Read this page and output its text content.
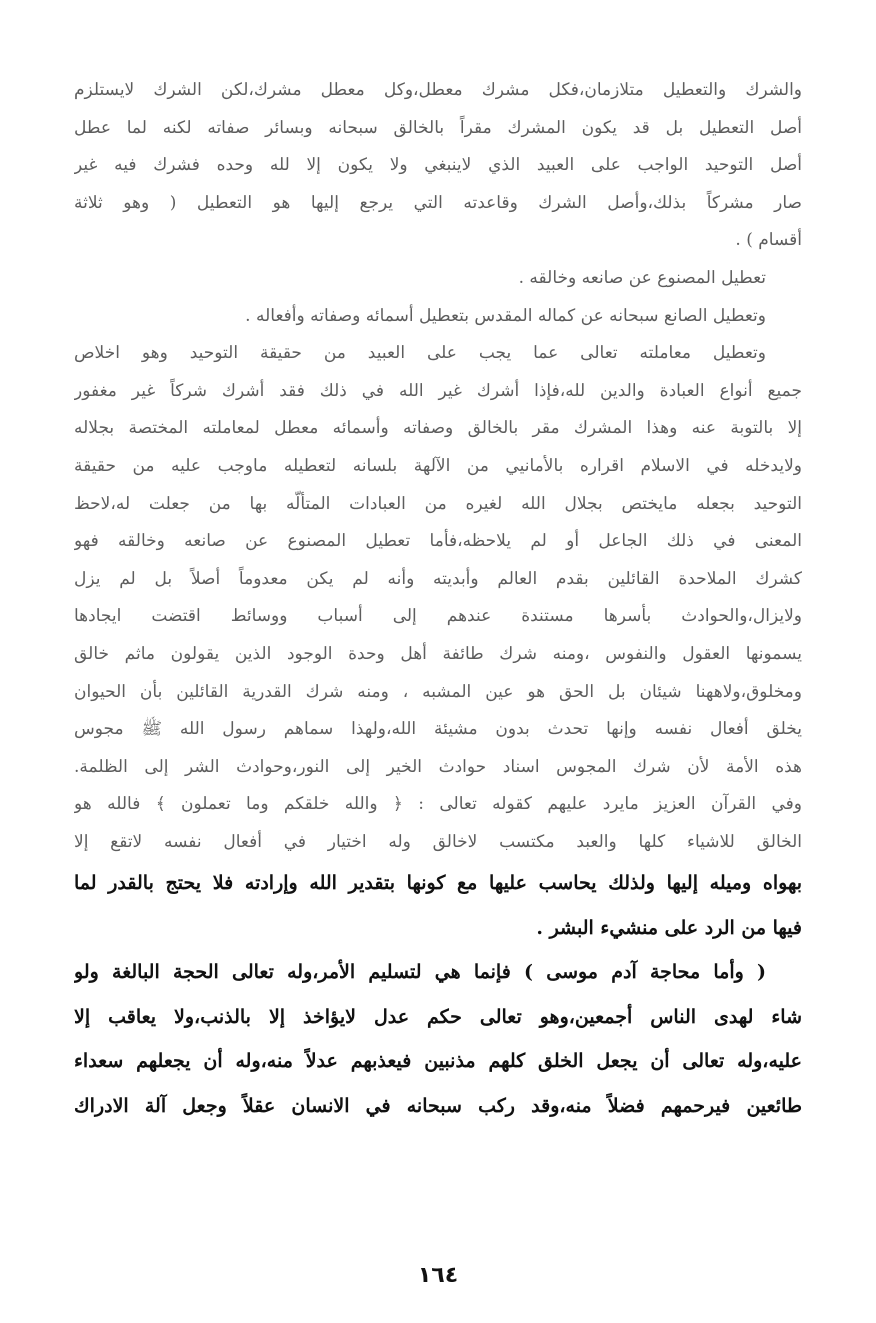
والشرك والتعطيل متلازمان،فكل مشرك معطل،وكل معطل مشرك،لكن الشرك لايستلزم
أصل التعطيل بل قد يكون المشرك مقراً بالخالق سبحانه وبسائر صفاته لكنه لما عطل
أصل التوحيد الواجب على العبيد الذي لاينبغي ولا يكون إلا لله وحده فشرك فيه غير
صار مشركاً بذلك،وأصل الشرك وقاعدته التي يرجع إليها هو التعطيل ( وهو ثلاثة
أقسام ) .
تعطيل المصنوع عن صانعه وخالقه .
وتعطيل الصانع سبحانه عن كماله المقدس بتعطيل أسمائه وصفاته وأفعاله .
وتعطيل معاملته تعالى عما يجب على العبيد من حقيقة التوحيد وهو اخلاص
جميع أنواع العبادة والدين لله،فإذا أشرك غير الله في ذلك فقد أشرك شركاً غير مغفور
إلا بالتوبة عنه وهذا المشرك مقر بالخالق وصفاته وأسمائه معطل لمعاملته المختصة بجلاله
ولايدخله في الاسلام اقراره بالأمانيي من الآلهة بلسانه لتعطيله ماوجب عليه من حقيقة
التوحيد بجعله مايختص بجلال الله لغيره من العبادات المتألّه بها من جعلت له،لاحظ
المعنى في ذلك الجاعل أو لم يلاحظه،فأما تعطيل المصنوع عن صانعه وخالقه فهو
كشرك الملاحدة القائلين بقدم العالم وأبديته وأنه لم يكن معدوماً أصلاً بل لم يزل
ولايزال،والحوادث بأسرها مستندة عندهم إلى أسباب ووسائط اقتضت ايجادها
يسمونها العقول والنفوس ،ومنه شرك طائفة أهل وحدة الوجود الذين يقولون ماثم خالق
ومخلوق،ولاههنا شيئان بل الحق هو عين المشبه ، ومنه شرك القدرية القائلين بأن الحيوان
يخلق أفعال نفسه وإنها تحدث بدون مشيئة الله،ولهذا سماهم رسول الله ﷺ مجوس
هذه الأمة لأن شرك المجوس اسناد حوادث الخير إلى النور،وحوادث الشر إلى الظلمة.
وفي القرآن العزيز مايرد عليهم كقوله تعالى : ﴿ والله خلقكم وما تعملون ﴾ فالله هو
الخالق للاشياء كلها والعبد مكتسب لاخالق وله اختيار في أفعال نفسه لاتقع إلا
بهواه وميله إليها ولذلك يحاسب عليها مع كونها بتقدير الله وإرادته فلا يحتج بالقدر لما
فيها من الرد على منشيء البشر .
( وأما محاجة آدم موسى ) فإنما هي لتسليم الأمر،وله تعالى الحجة البالغة ولو
شاء لهدى الناس أجمعين،وهو تعالى حكم عدل لايؤاخذ إلا بالذنب،ولا يعاقب إلا
عليه،وله تعالى أن يجعل الخلق كلهم مذنبين فيعذبهم عدلاً منه،وله أن يجعلهم سعداء
طائعين فيرحمهم فضلاً منه،وقد ركب سبحانه في الانسان عقلاً وجعل آلة الادراك
١٦٤
